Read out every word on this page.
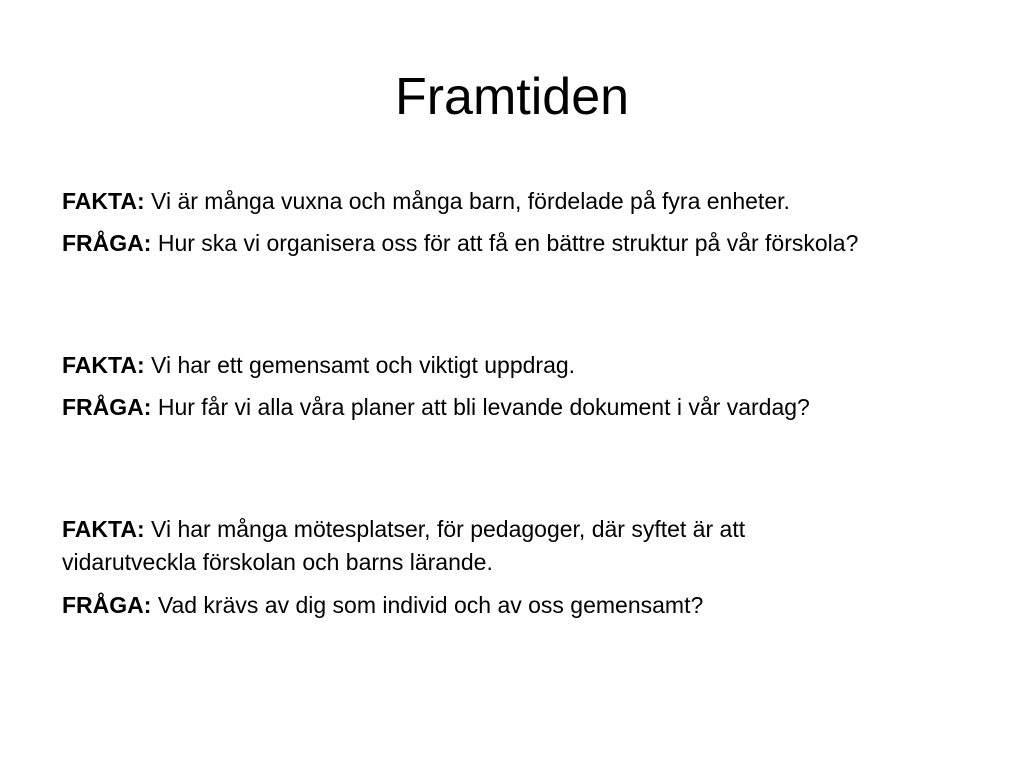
Framtiden

FAKTA: Vi är många vuxna och många barn, fördelade på fyra enheter.

FRÅGA: Hur ska vi organisera oss för att få en bättre struktur på vår förskola?

FAKTA: Vi har ett gemensamt och viktigt uppdrag.

FRÅGA: Hur får vi alla våra planer att bli levande dokument i vår vardag?

FAKTA: Vi har många mötesplatser, för pedagoger, där syftet är att
vidarutveckla förskolan och barns lärande.

FRÅGA: Vad krävs av dig som individ och av oss gemensamt?
